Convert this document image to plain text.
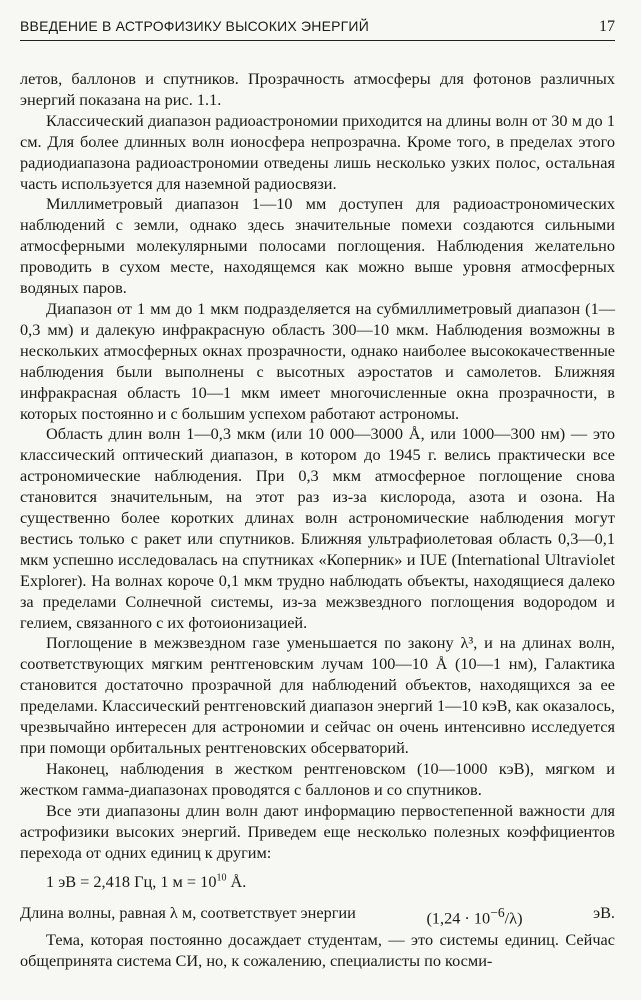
ВВЕДЕНИЕ В АСТРОФИЗИКУ ВЫСОКИХ ЭНЕРГИЙ	17

летов, баллонов и спутников. Прозрачность атмосферы для фотонов различных энергий показана на рис. 1.1.

Классический диапазон радиоастрономии приходится на длины волн от 30 м до 1 см. Для более длинных волн ионосфера непрозрачна. Кроме того, в пределах этого радиодиапазона радиоастрономии отведены лишь несколько узких полос, остальная часть используется для наземной радиосвязи.

Миллиметровый диапазон 1—10 мм доступен для радиоастрономических наблюдений с земли, однако здесь значительные помехи создаются сильными атмосферными молекулярными полосами поглощения. Наблюдения желательно проводить в сухом месте, находящемся как можно выше уровня атмосферных водяных паров.

Диапазон от 1 мм до 1 мкм подразделяется на субмиллиметровый диапазон (1—0,3 мм) и далекую инфракрасную область 300—10 мкм. Наблюдения возможны в нескольких атмосферных окнах прозрачности, однако наиболее высококачественные наблюдения были выполнены с высотных аэростатов и самолетов. Ближняя инфракрасная область 10—1 мкм имеет многочисленные окна прозрачности, в которых постоянно и с большим успехом работают астрономы.

Область длин волн 1—0,3 мкм (или 10 000—3000 Å, или 1000—300 нм) — это классический оптический диапазон, в котором до 1945 г. велись практически все астрономические наблюдения. При 0,3 мкм атмосферное поглощение снова становится значительным, на этот раз из-за кислорода, азота и озона. На существенно более коротких длинах волн астрономические наблюдения могут вестись только с ракет или спутников. Ближняя ультрафиолетовая область 0,3—0,1 мкм успешно исследовалась на спутниках «Коперник» и IUE (International Ultraviolet Explorer). На волнах короче 0,1 мкм трудно наблюдать объекты, находящиеся далеко за пределами Солнечной системы, из-за межзвездного поглощения водородом и гелием, связанного с их фотоионизацией.

Поглощение в межзвездном газе уменьшается по закону λ³, и на длинах волн, соответствующих мягким рентгеновским лучам 100—10 Å (10—1 нм), Галактика становится достаточно прозрачной для наблюдений объектов, находящихся за ее пределами. Классический рентгеновский диапазон энергий 1—10 кэВ, как оказалось, чрезвычайно интересен для астрономии и сейчас он очень интенсивно исследуется при помощи орбитальных рентгеновских обсерваторий.

Наконец, наблюдения в жестком рентгеновском (10—1000 кэВ), мягком и жестком гамма-диапазонах проводятся с баллонов и со спутников.

Все эти диапазоны длин волн дают информацию первостепенной важности для астрофизики высоких энергий. Приведем еще несколько полезных коэффициентов перехода от одних единиц к другим:

1 эВ = 2,418 Гц, 1 $м = 10^{10}$ Å.

Длина волны, равная λ м, соответствует энергии	$(1,24 \cdot 10^{-6}/\lambda)$	эВ.

Тема, которая постоянно досаждает студентам, — это системы единиц. Сейчас общепринята система СИ, но, к сожалению, специалисты по косми-
